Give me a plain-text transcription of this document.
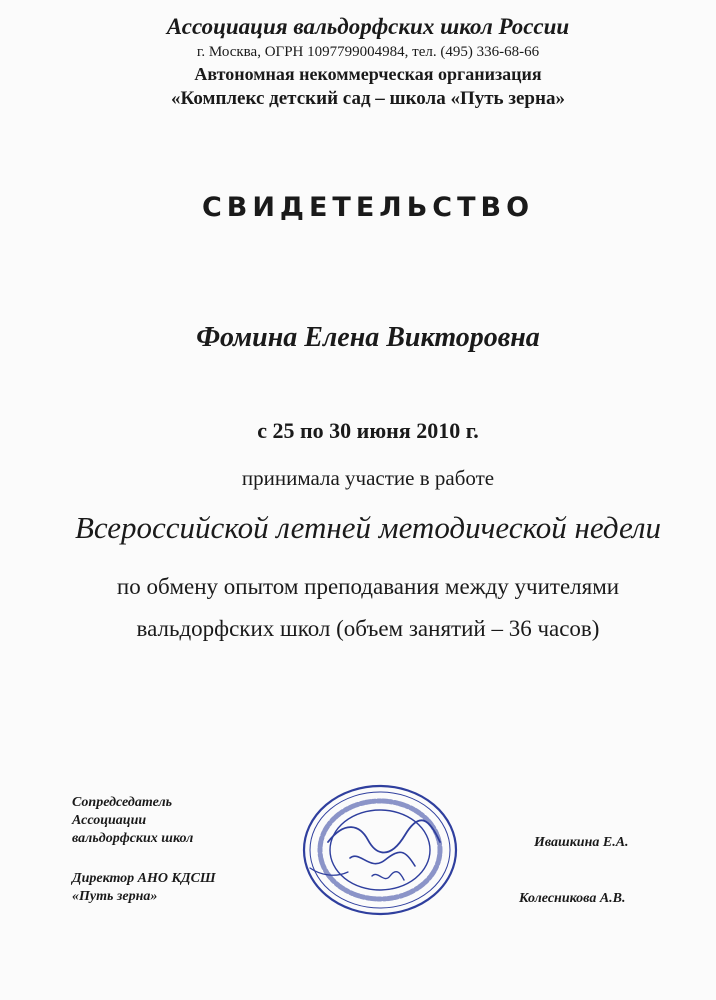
Ассоциация вальдорфских школ России
г. Москва, ОГРН 1097799004984, тел. (495) 336-68-66
Автономная некоммерческая организация
«Комплекс детский сад – школа «Путь зерна»
СВИДЕТЕЛЬСТВО
Фомина Елена Викторовна
с 25 по 30 июня 2010 г.
принимала участие в работе
Всероссийской летней методической недели
по обмену опытом преподавания между учителями
вальдорфских школ (объем занятий – 36 часов)
Сопредседатель
Ассоциации
вальдорфских школ	Ивашкина Е.А.
Директор АНО КДСШ
«Путь зерна»	Колесникова А.В.
